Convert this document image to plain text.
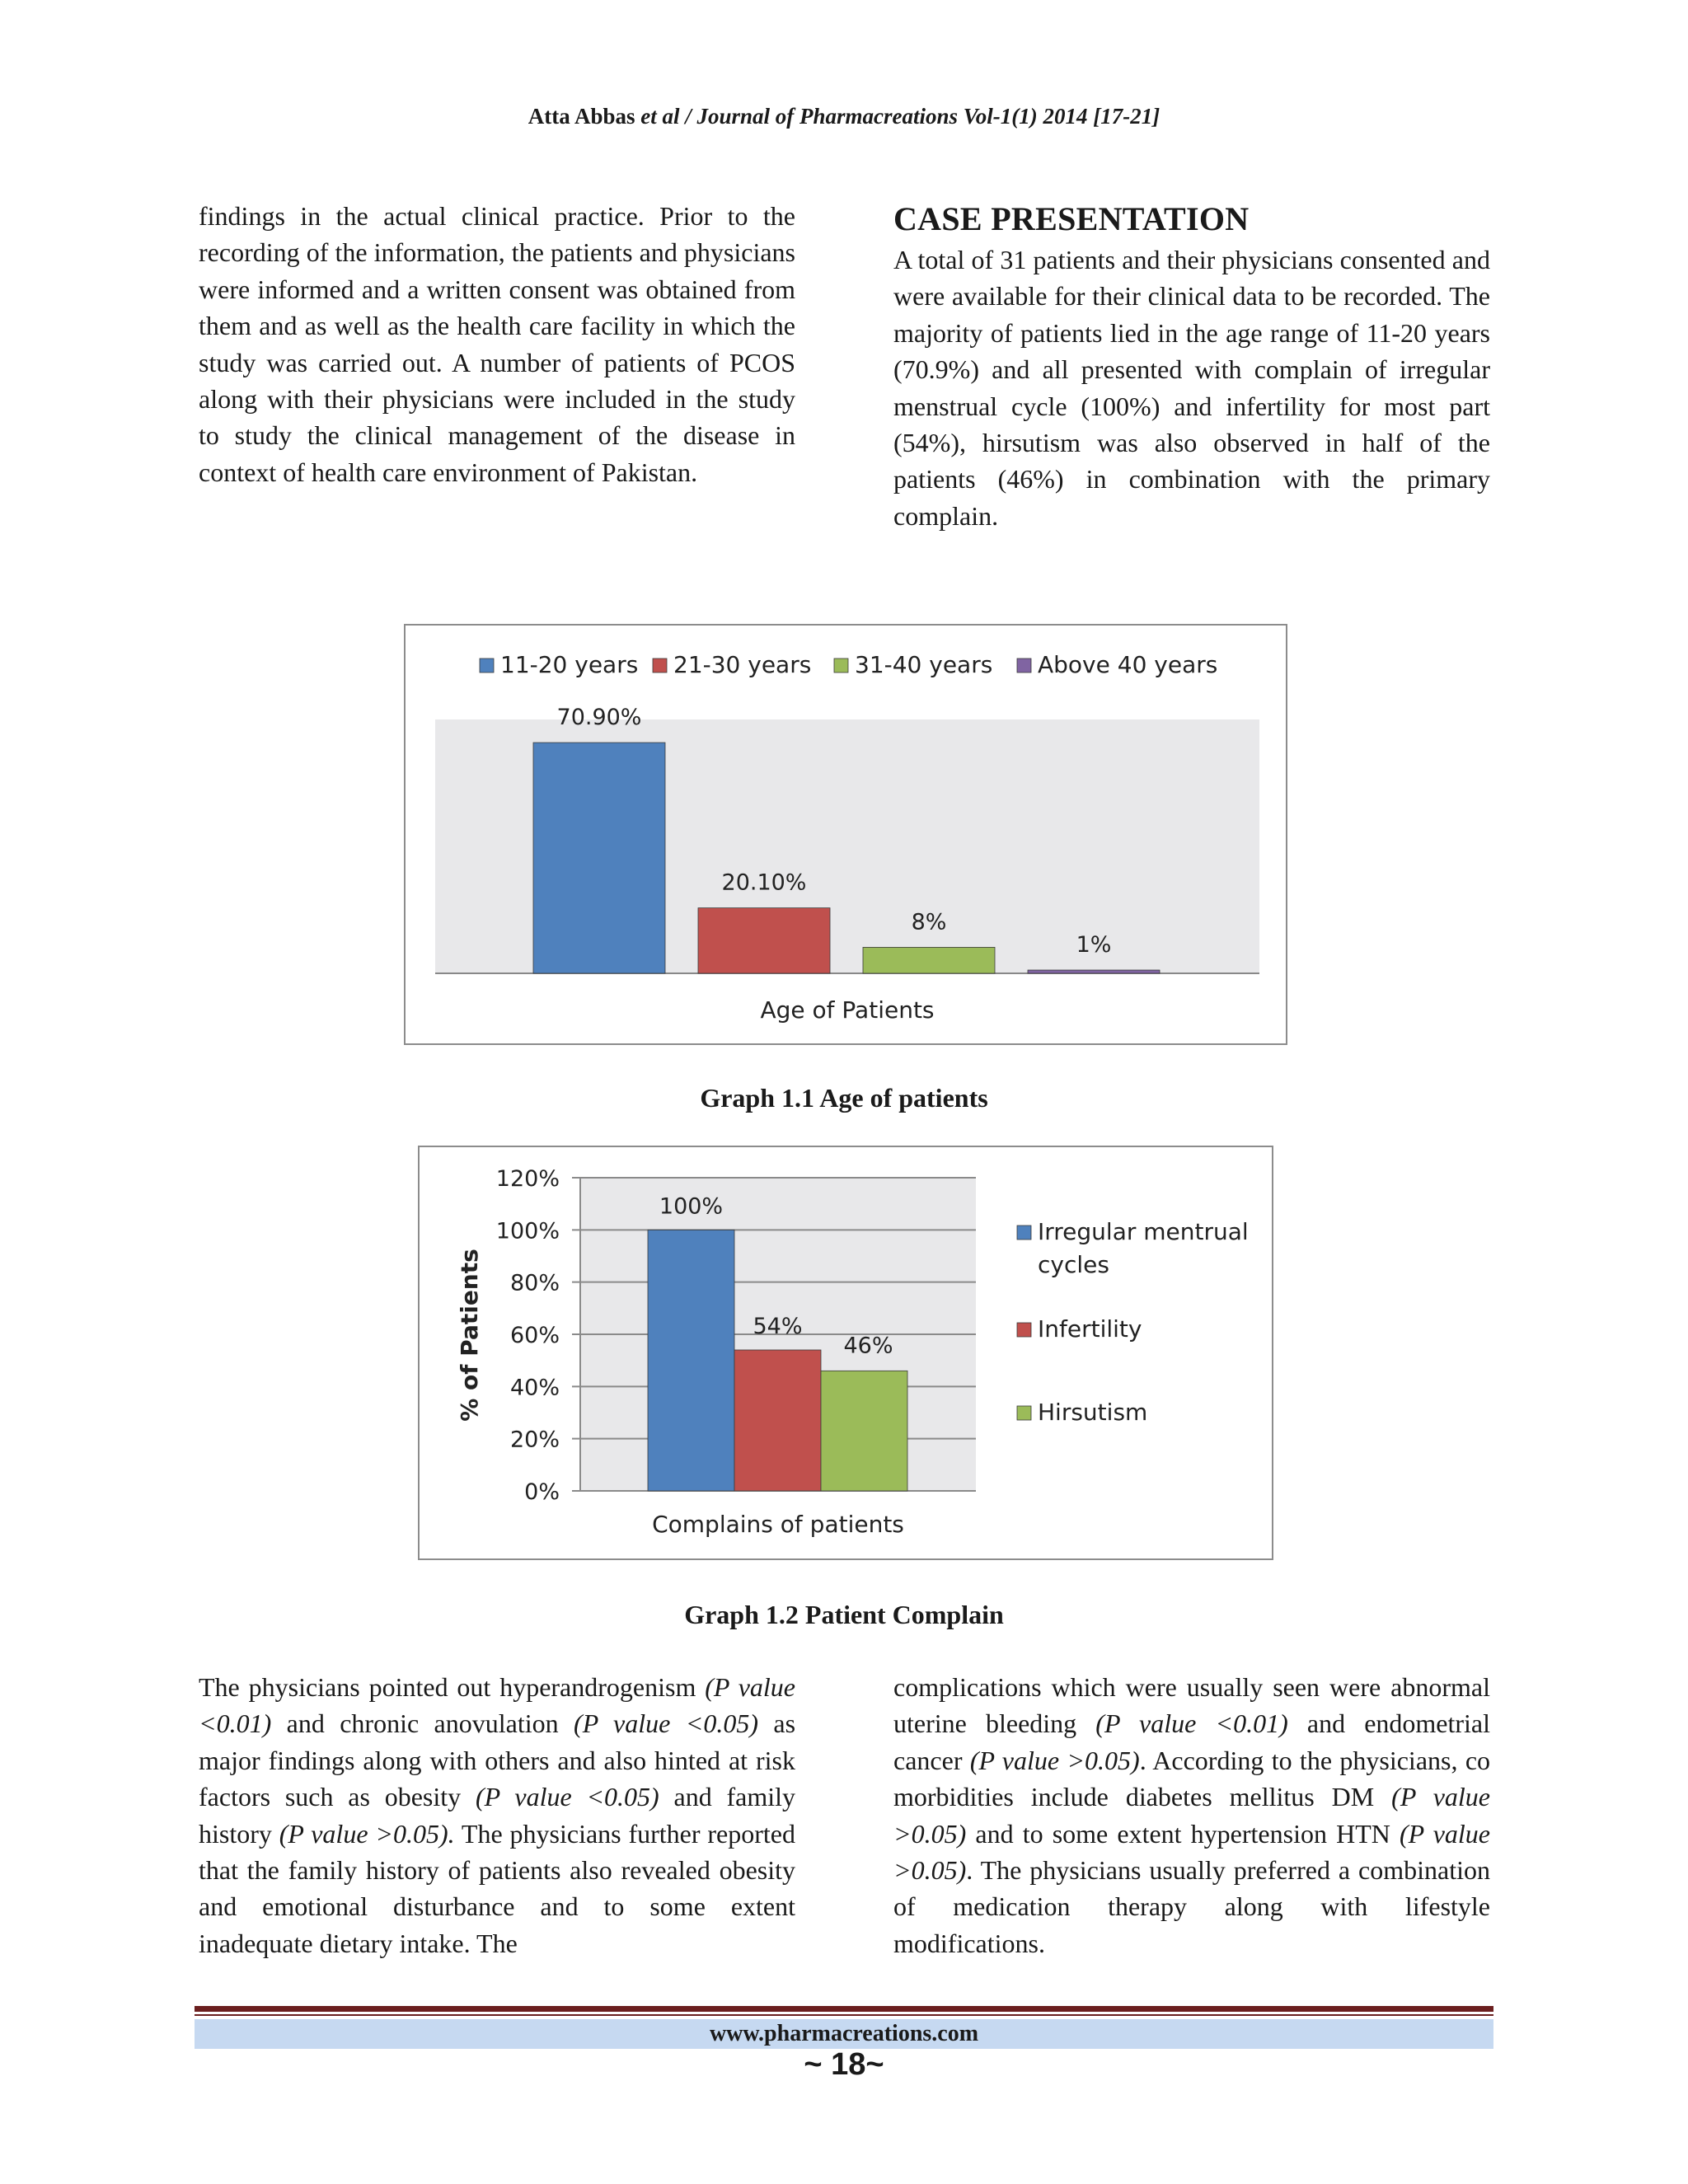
Atta Abbas et al / Journal of Pharmacreations Vol-1(1) 2014 [17-21]

findings in the actual clinical practice. Prior to the recording of the information, the patients and physicians were informed and a written consent was obtained from them and as well as the health care facility in which the study was carried out. A number of patients of PCOS along with their physicians were included in the study to study the clinical management of the disease in context of health care environment of Pakistan.

CASE PRESENTATION

A total of 31 patients and their physicians consented and were available for their clinical data to be recorded. The majority of patients lied in the age range of 11-20 years (70.9%) and all presented with complain of irregular menstrual cycle (100%) and infertility for most part (54%), hirsutism was also observed in half of the patients (46%) in combination with the primary complain.

70.90%
20.10%
8%
1%
11-20 years 21-30 years 31-40 years Above 40 years
Age of Patients
Graph 1.1 Age of patients
0%
20%
40%
60%
80%
100%
120%
100%
54%
46%
% of Patients
Complains of patients
Irregular mentrual cycles
Infertility
Hirsutism
Graph 1.2 Patient Complain

The physicians pointed out hyperandrogenism (P value <0.01) and chronic anovulation (P value <0.05) as major findings along with others and also hinted at risk factors such as obesity (P value <0.05) and family history (P value >0.05). The physicians further reported that the family history of patients also revealed obesity and emotional disturbance and to some extent inadequate dietary intake. The

complications which were usually seen were abnormal uterine bleeding (P value <0.01) and endometrial cancer (P value >0.05). According to the physicians, co morbidities include diabetes mellitus DM (P value >0.05) and to some extent hypertension HTN (P value >0.05). The physicians usually preferred a combination of medication therapy along with lifestyle modifications.

www.pharmacreations.com
~ 18~
